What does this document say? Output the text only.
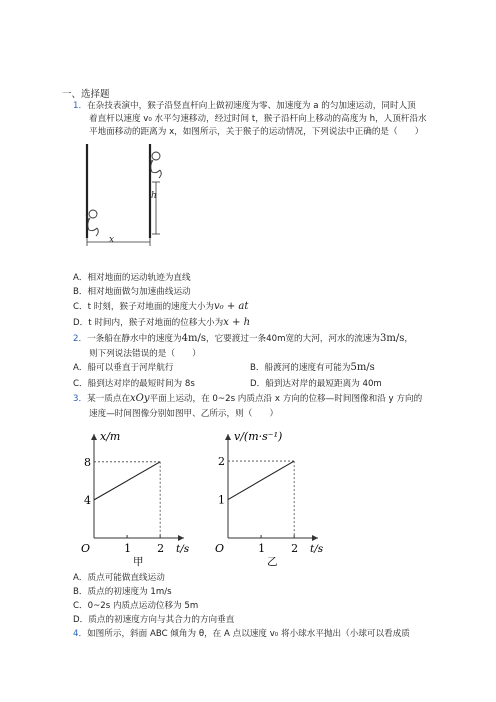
一、选择题
1．在杂技表演中，猴子沿竖直杆向上做初速度为零、加速度为 a 的匀加速运动，同时人顶
着直杆以速度 v₀ 水平匀速移动，经过时间 t，猴子沿杆向上移动的高度为 h，人顶杆沿水
平地面移动的距离为 x，如图所示，关于猴子的运动情况，下列说法中正确的是（　　）
h
x
A．相对地面的运动轨迹为直线
B．相对地面做匀加速曲线运动
C．t 时刻，猴子对地面的速度大小为v₀ + at
D．t 时间内，猴子对地面的位移大小为x + h
2．一条船在静水中的速度为4m/s，它要渡过一条40m宽的大河，河水的流速为3m/s，
则下列说法错误的是（　　）
A．船可以垂直于河岸航行	B．船渡河的速度有可能为5m/s
C．船到达对岸的最短时间为 8s	D．船到达对岸的最短距离为 40m
3．某一质点在xOy平面上运动，在 0~2s 内质点沿 x 方向的位移—时间图像和沿 y 方向的
速度—时间图像分别如图甲、乙所示，则（　　）
x/m
t/s
O	1 2
4
8
甲
v/(m·s⁻¹)
t/s
O	1 2
1
2
乙
A．质点可能做直线运动
B．质点的初速度为 1m/s
C．0~2s 内质点运动位移为 5m
D．质点的初速度方向与其合力的方向垂直
4．如图所示，斜面 ABC 倾角为 θ，在 A 点以速度 v₀ 将小球水平抛出（小球可以看成质
